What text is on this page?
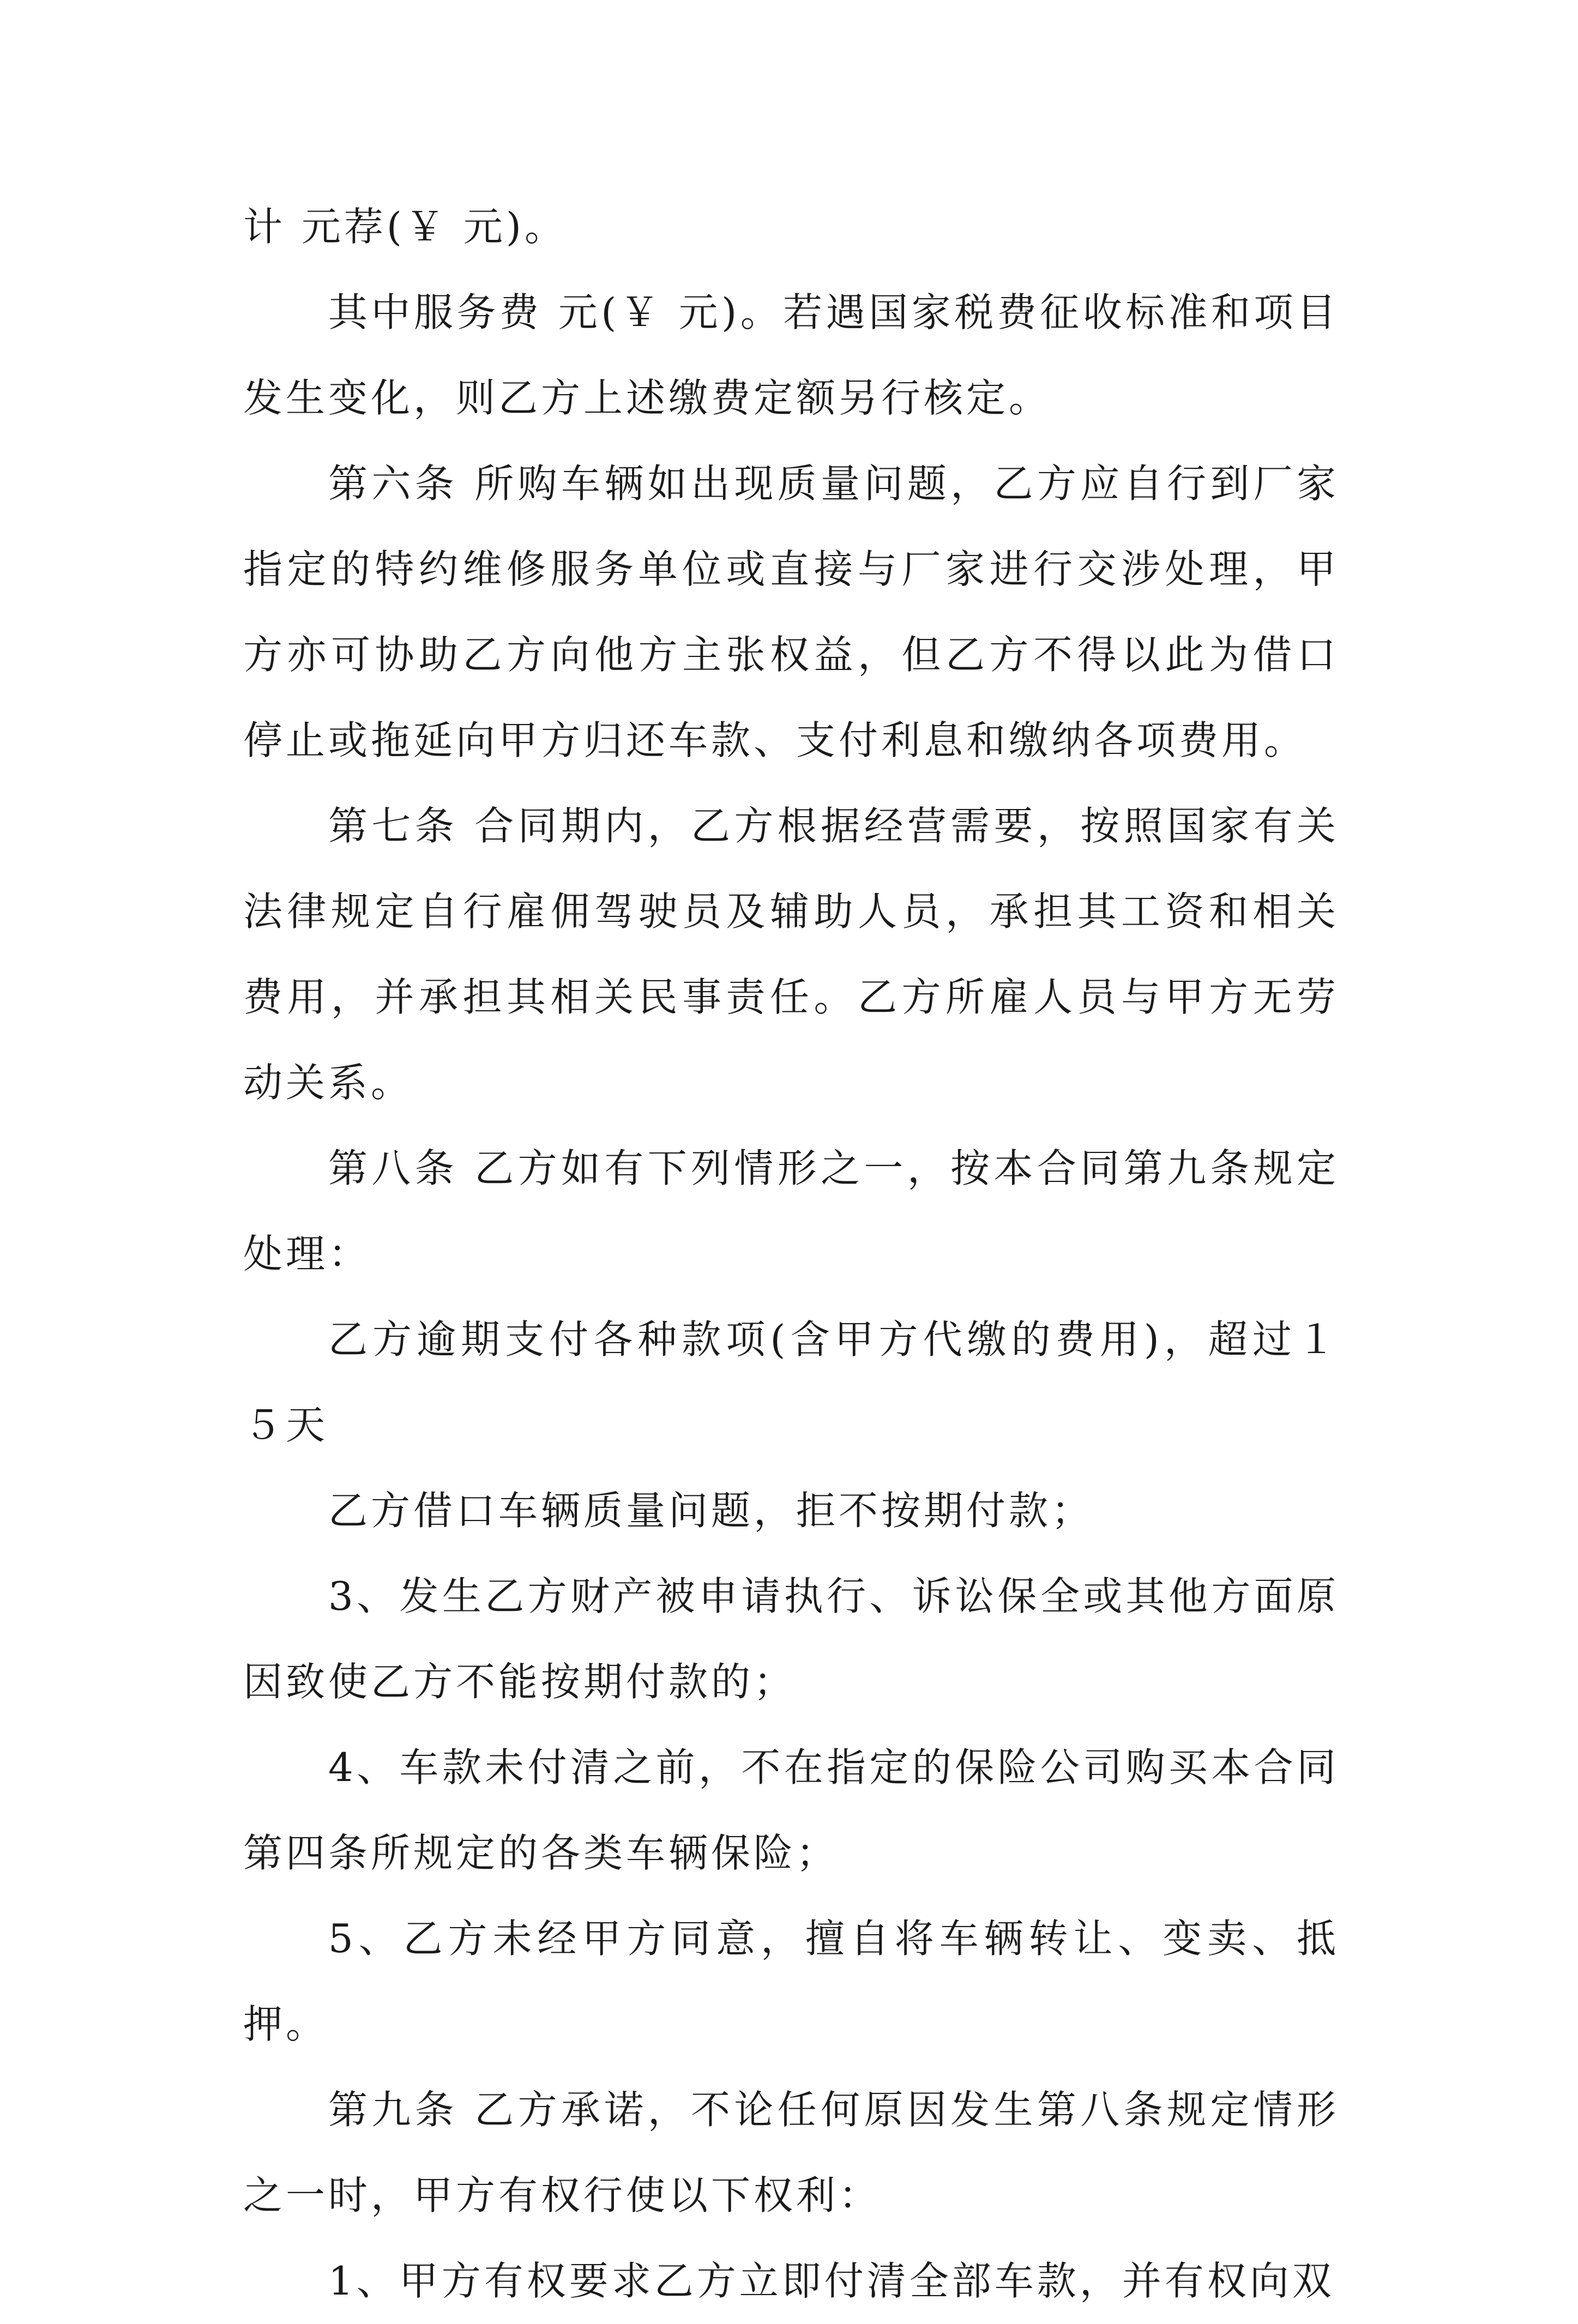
计 元荐(￥ 元)。

其中服务费 元(￥ 元)。若遇国家税费征收标准和项目发生变化，则乙方上述缴费定额另行核定。

第六条 所购车辆如出现质量问题，乙方应自行到厂家指定的特约维修服务单位或直接与厂家进行交涉处理，甲方亦可协助乙方向他方主张权益，但乙方不得以此为借口停止或拖延向甲方归还车款、支付利息和缴纳各项费用。

第七条 合同期内，乙方根据经营需要，按照国家有关法律规定自行雇佣驾驶员及辅助人员，承担其工资和相关费用，并承担其相关民事责任。乙方所雇人员与甲方无劳动关系。

第八条 乙方如有下列情形之一，按本合同第九条规定处理：

乙方逾期支付各种款项(含甲方代缴的费用)，超过１５天

乙方借口车辆质量问题，拒不按期付款；

3、发生乙方财产被申请执行、诉讼保全或其他方面原因致使乙方不能按期付款的；

4、车款未付清之前，不在指定的保险公司购买本合同第四条所规定的各类车辆保险；

5、乙方未经甲方同意，擅自将车辆转让、变卖、抵押。

第九条 乙方承诺，不论任何原因发生第八条规定情形之一时，甲方有权行使以下权利：

1、甲方有权要求乙方立即付清全部车款，并有权向双
